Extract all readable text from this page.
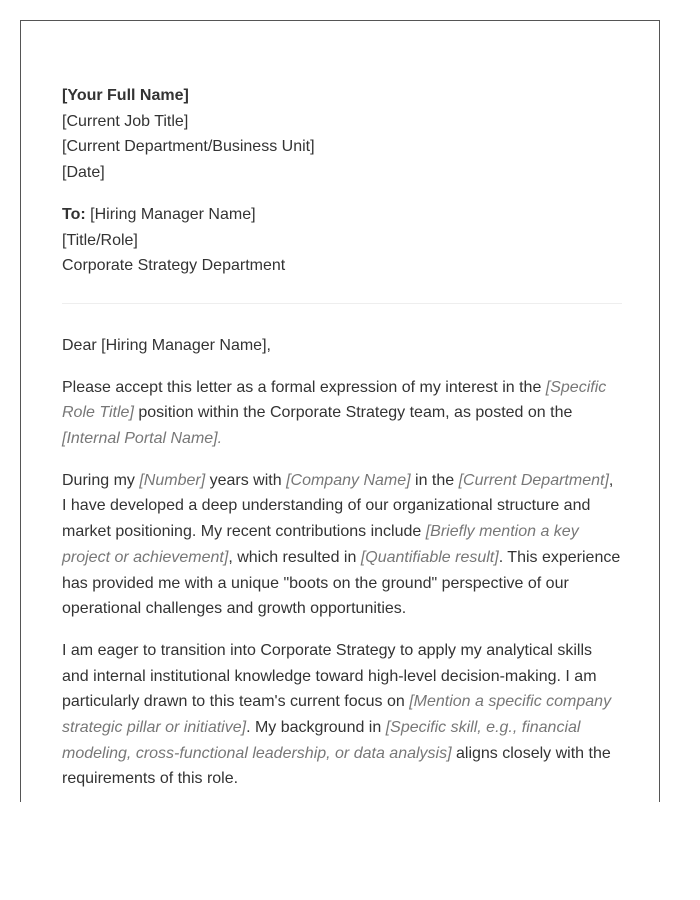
[Your Full Name]
[Current Job Title]
[Current Department/Business Unit]
[Date]
To: [Hiring Manager Name]
[Title/Role]
Corporate Strategy Department

Dear [Hiring Manager Name],

Please accept this letter as a formal expression of my interest in the [Specific Role Title] position within the Corporate Strategy team, as posted on the [Internal Portal Name].

During my [Number] years with [Company Name] in the [Current Department], I have developed a deep understanding of our organizational structure and market positioning. My recent contributions include [Briefly mention a key project or achievement], which resulted in [Quantifiable result]. This experience has provided me with a unique "boots on the ground" perspective of our operational challenges and growth opportunities.

I am eager to transition into Corporate Strategy to apply my analytical skills and internal institutional knowledge toward high-level decision-making. I am particularly drawn to this team's current focus on [Mention a specific company strategic pillar or initiative]. My background in [Specific skill, e.g., financial modeling, cross-functional leadership, or data analysis] aligns closely with the requirements of this role.
